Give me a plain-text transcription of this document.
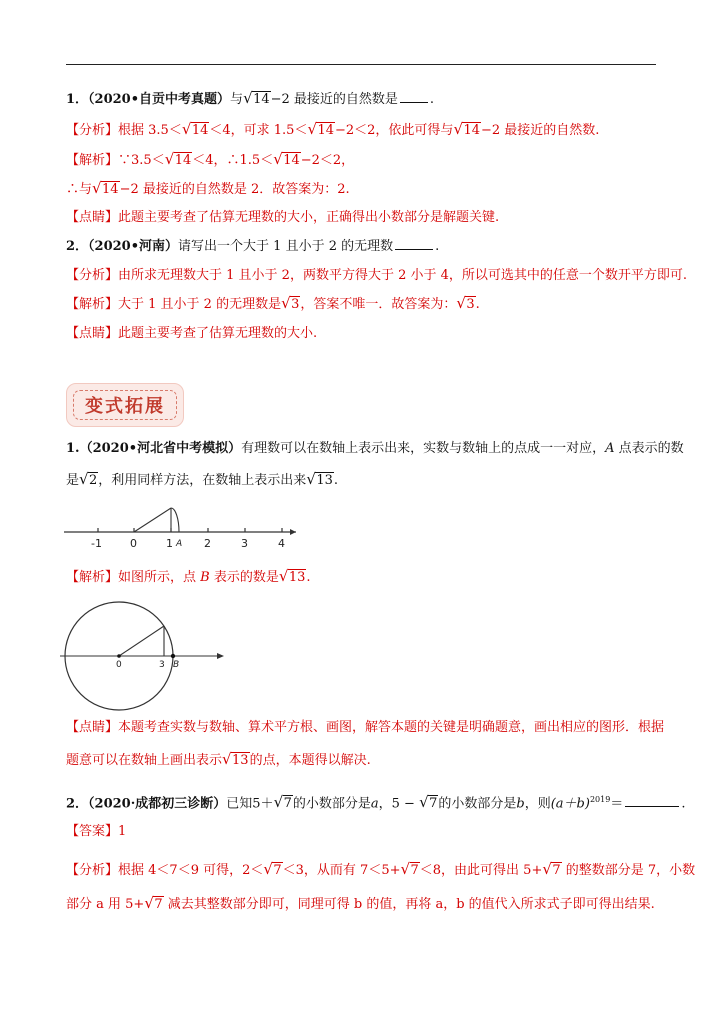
1．（2020•自贡中考真题）与 √ 14−2 最接近的自然数是 .
【分析】根据 3.5＜ √ 14＜4，可求 1.5＜ √ 14−2＜2，依此可得与 √ 14−2 最接近的自然数.
【解析】∵3.5＜ √ 14＜4，∴1.5＜ √ 14−2＜2，
∴与 √ 14−2 最接近的自然数是 2．故答案为：2.
【点睛】此题主要考查了估算无理数的大小，正确得出小数部分是解题关键.
2．（2020•河南）请写出一个大于 1 且小于 2 的无理数	.
【分析】由所求无理数大于 1 且小于 2，两数平方得大于 2 小于 4，所以可选其中的任意一个数开平方即可.
【解析】大于 1 且小于 2 的无理数是 √ 3，答案不唯一．故答案为： √ 3.
【点睛】此题主要考查了估算无理数的大小.
变式拓展
1.（2020•河北省中考模拟）有理数可以在数轴上表示出来，实数与数轴上的点成一一对应，A 点表示的数
是 √ 2，利用同样方法，在数轴上表示出来 √ 13.
-1	0	1	2	3	4
A
【解析】如图所示，点 B 表示的数是 √ 13.
0	3 B
【点睛】本题考查实数与数轴、算术平方根、画图，解答本题的关键是明确题意，画出相应的图形．根据
题意可以在数轴上画出表示 √ 13的点，本题得以解决.
2．（2020·成都初三诊断）已知5＋ √ 7的小数部分是a，5 − √ 7的小数部分是b，则$(a+b)^{2019}=$	.
【答案】1
【分析】根据 4＜7＜9 可得，2＜ √ 7＜3，从而有 7＜5+ √ 7＜8，由此可得出 5+ √ 7 的整数部分是 7，小数
部分 a 用 5+ √ 7 减去其整数部分即可，同理可得 b 的值，再将 a，b 的值代入所求式子即可得出结果.
